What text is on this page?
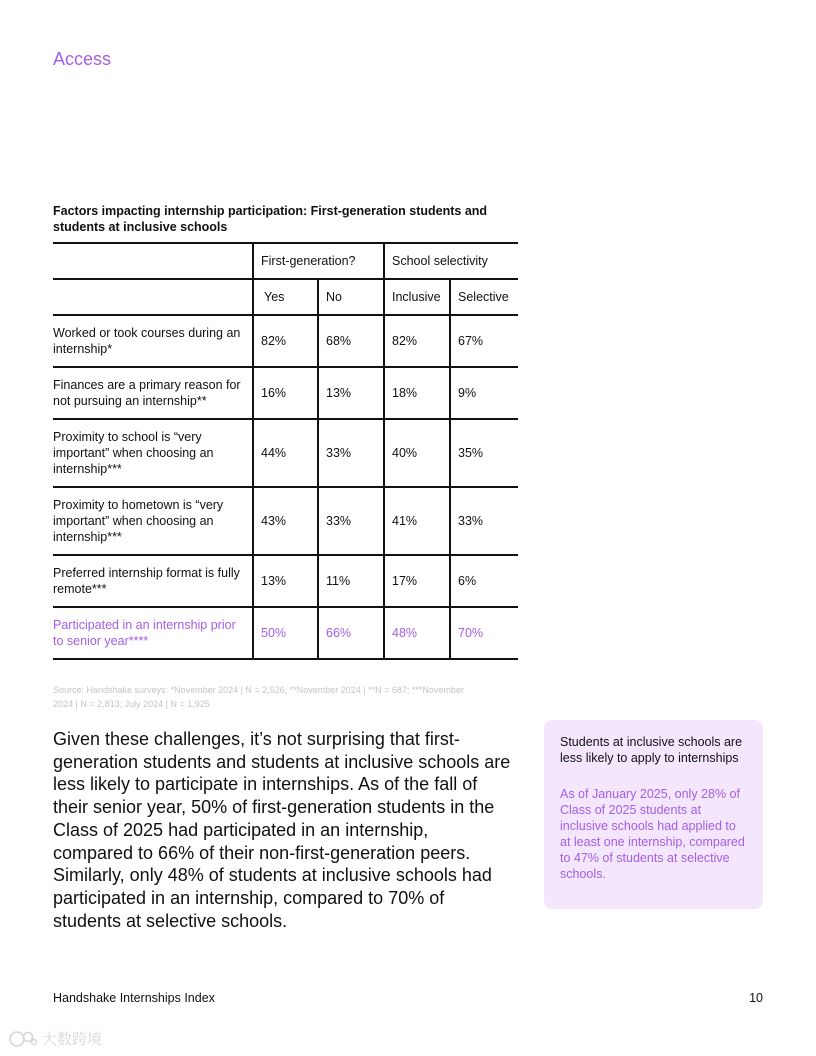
Access
Factors impacting internship participation: First-generation students and students at inclusive schools
	First-generation?		School selectivity	
	Yes	No	Inclusive	Selective
Worked or took courses during an internship*	82%	68%	82%	67%
Finances are a primary reason for not pursuing an internship**	16%	13%	18%	9%
Proximity to school is “very important” when choosing an internship***	44%	33%	40%	35%
Proximity to hometown is “very important” when choosing an internship***	43%	33%	41%	33%
Preferred internship format is fully remote***	13%	11%	17%	6%
Participated in an internship prior to senior year****	50%	66%	48%	70%
Source: Handshake surveys: *November 2024 | N = 2,526; **November 2024 | **N = 687; ***November 2024 | N = 2,813; July 2024 | N = 1,925
Given these challenges, it’s not surprising that first-generation students and students at inclusive schools are less likely to participate in internships. As of the fall of their senior year, 50% of first-generation students in the Class of 2025 had participated in an internship, compared to 66% of their non-first-generation peers. Similarly, only 48% of students at inclusive schools had participated in an internship, compared to 70% of students at selective schools.
Students at inclusive schools are less likely to apply to internships
As of January 2025, only 28% of Class of 2025 students at inclusive schools had applied to at least one internship, compared to 47% of students at selective schools.
Handshake Internships Index	10
大数跨境
